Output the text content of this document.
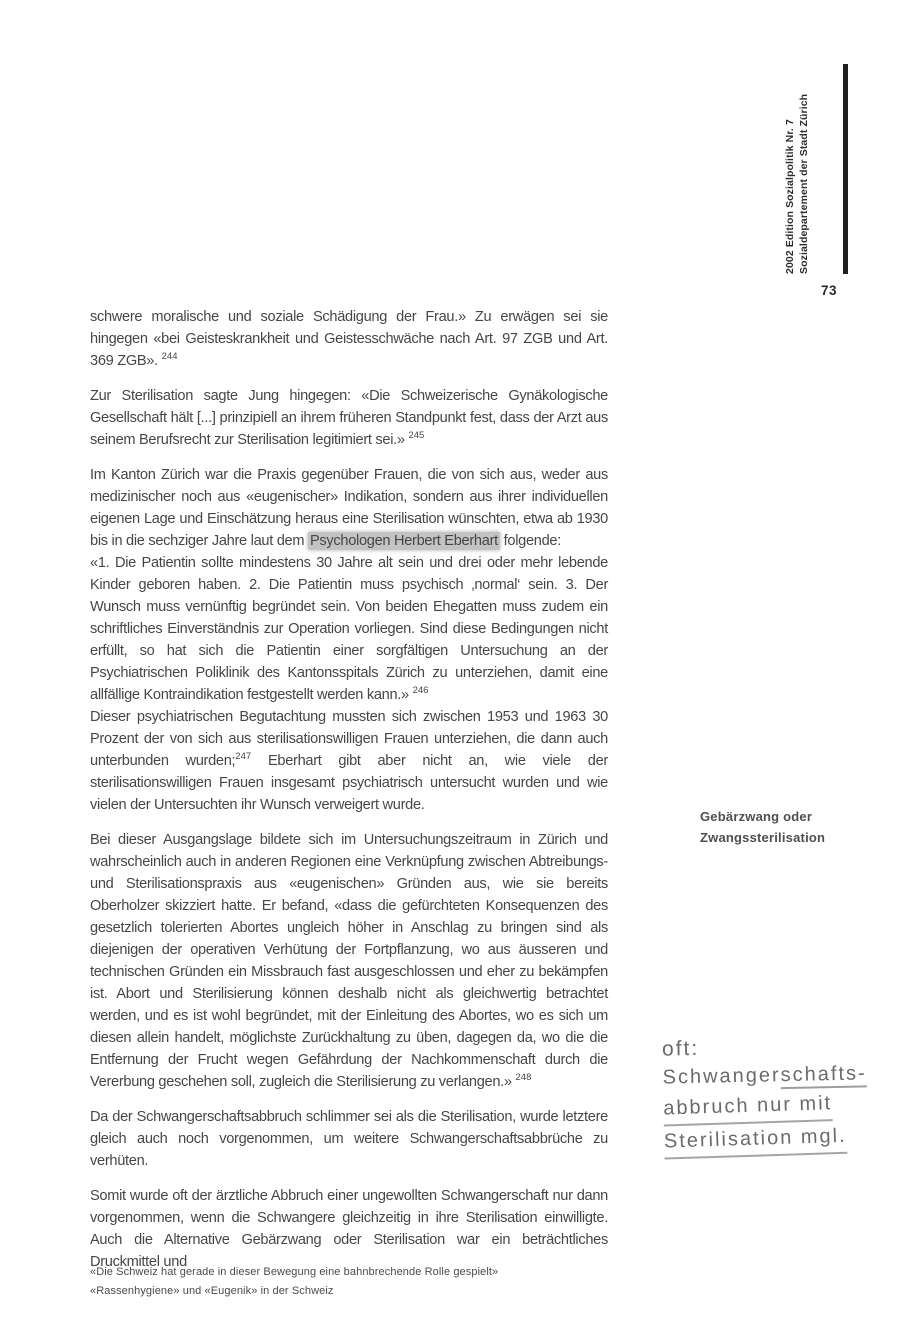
2002 Edition Sozialpolitik Nr. 7 Sozialdepartement der Stadt Zürich
73

schwere moralische und soziale Schädigung der Frau.» Zu erwägen sei sie hingegen «bei Geisteskrankheit und Geistesschwäche nach Art. 97 ZGB und Art. 369 ZGB». $^{244}$

Zur Sterilisation sagte Jung hingegen: «Die Schweizerische Gynäkologische Gesellschaft hält [...] prinzipiell an ihrem früheren Standpunkt fest, dass der Arzt aus seinem Berufsrecht zur Sterilisation legitimiert sei.» $^{245}$

Im Kanton Zürich war die Praxis gegenüber Frauen, die von sich aus, weder aus medizinischer noch aus «eugenischer» Indikation, sondern aus ihrer individuellen eigenen Lage und Einschätzung heraus eine Sterilisation wünschten, etwa ab 1930 bis in die sechziger Jahre laut dem Psychologen Herbert Eberhart folgende:

«1. Die Patientin sollte mindestens 30 Jahre alt sein und drei oder mehr lebende Kinder geboren haben. 2. Die Patientin muss psychisch ‚normal‘ sein. 3. Der Wunsch muss vernünftig begründet sein. Von beiden Ehegatten muss zudem ein schriftliches Einverständnis zur Operation vorliegen. Sind diese Bedingungen nicht erfüllt, so hat sich die Patientin einer sorgfältigen Untersuchung an der Psychiatrischen Poliklinik des Kantonsspitals Zürich zu unterziehen, damit eine allfällige Kontraindikation festgestellt werden kann.» $^{246}$

Dieser psychiatrischen Begutachtung mussten sich zwischen 1953 und 1963 30 Prozent der von sich aus sterilisationswilligen Frauen unterziehen, die dann auch unterbunden wurden;$^{247}$ Eberhart gibt aber nicht an, wie viele der sterilisationswilligen Frauen insgesamt psychiatrisch untersucht wurden und wie vielen der Untersuchten ihr Wunsch verweigert wurde.

Bei dieser Ausgangslage bildete sich im Untersuchungszeitraum in Zürich und wahrscheinlich auch in anderen Regionen eine Verknüpfung zwischen Abtreibungs- und Sterilisationspraxis aus «eugenischen» Gründen aus, wie sie bereits Oberholzer skizziert hatte. Er befand, «dass die gefürchteten Konsequenzen des gesetzlich tolerierten Abortes ungleich höher in Anschlag zu bringen sind als diejenigen der operativen Verhütung der Fortpflanzung, wo aus äusseren und technischen Gründen ein Missbrauch fast ausgeschlossen und eher zu bekämpfen ist. Abort und Sterilisierung können deshalb nicht als gleichwertig betrachtet werden, und es ist wohl begründet, mit der Einleitung des Abortes, wo es sich um diesen allein handelt, möglichste Zurückhaltung zu üben, dagegen da, wo die die Entfernung der Frucht wegen Gefährdung der Nachkommenschaft durch die Vererbung geschehen soll, zugleich die Sterilisierung zu verlangen.» $^{248}$

Da der Schwangerschaftsabbruch schlimmer sei als die Sterilisation, wurde letztere gleich auch noch vorgenommen, um weitere Schwangerschaftsabbrüche zu verhüten.

Somit wurde oft der ärztliche Abbruch einer ungewollten Schwangerschaft nur dann vorgenommen, wenn die Schwangere gleichzeitig in ihre Sterilisation einwilligte. Auch die Alternative Gebärzwang oder Sterilisation war ein beträchtliches Druckmittel und

Gebärzwang oder
Zwangssterilisation
oft:
Schwangerschafts-
abbruch nur mit
Sterilisation mgl.
«Die Schweiz hat gerade in dieser Bewegung eine bahnbrechende Rolle gespielt»
«Rassenhygiene» und «Eugenik» in der Schweiz
